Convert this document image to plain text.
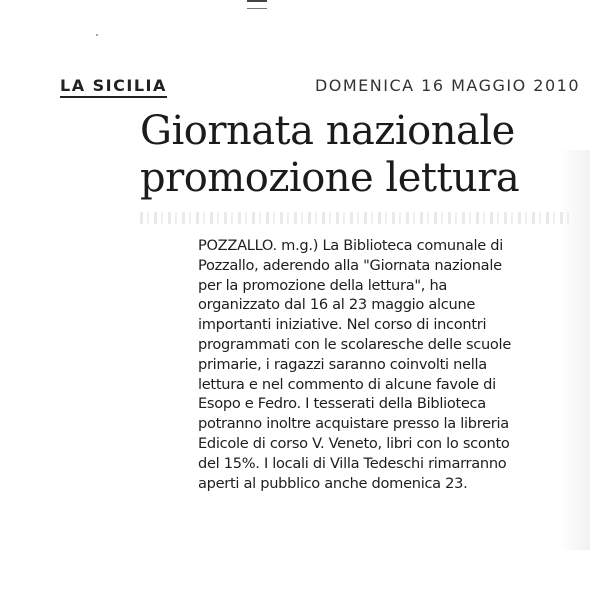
LA SICILIA	DOMENICA 16 MAGGIO 2010
Giornata nazionale
promozione lettura
POZZALLO. m.g.) La Biblioteca comunale di
Pozzallo, aderendo alla "Giornata nazionale
per la promozione della lettura", ha
organizzato dal 16 al 23 maggio alcune
importanti iniziative. Nel corso di incontri
programmati con le scolaresche delle scuole
primarie, i ragazzi saranno coinvolti nella
lettura e nel commento di alcune favole di
Esopo e Fedro. I tesserati della Biblioteca
potranno inoltre acquistare presso la libreria
Edicole di corso V. Veneto, libri con lo sconto
del 15%. I locali di Villa Tedeschi rimarranno
aperti al pubblico anche domenica 23.
